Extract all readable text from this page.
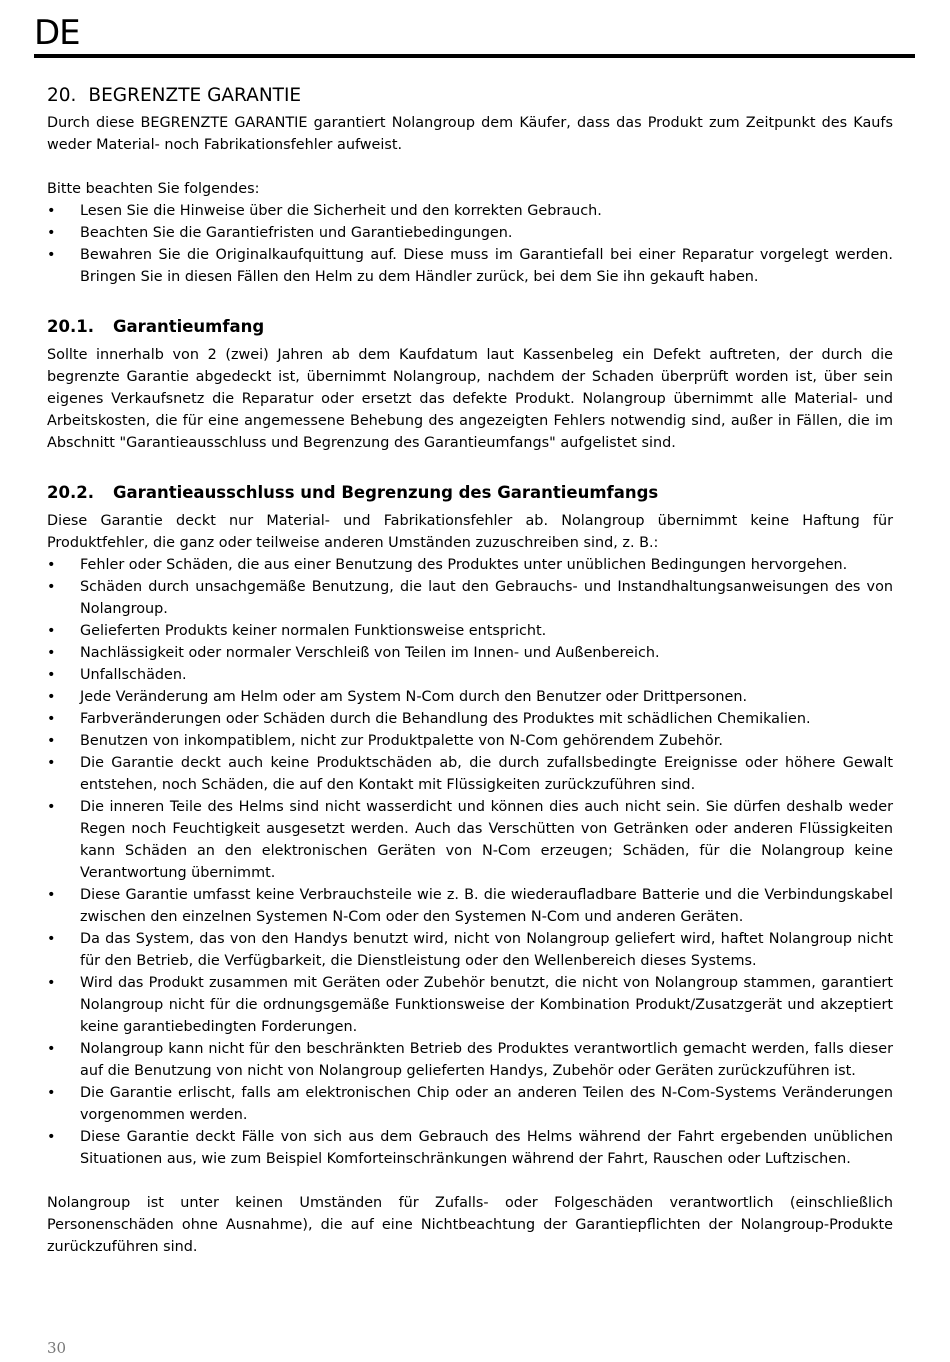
DE
20. BEGRENZTE GARANTIE

Durch diese BEGRENZTE GARANTIE garantiert Nolangroup dem Käufer, dass das Produkt zum Zeitpunkt des Kaufs weder Material- noch Fabrikationsfehler aufweist.

Bitte beachten Sie folgendes:

• Lesen Sie die Hinweise über die Sicherheit und den korrekten Gebrauch.
• Beachten Sie die Garantiefristen und Garantiebedingungen.
• Bewahren Sie die Originalkaufquittung auf. Diese muss im Garantiefall bei einer Reparatur vorgelegt werden. Bringen Sie in diesen Fällen den Helm zu dem Händler zurück, bei dem Sie ihn gekauft haben.
20.1. Garantieumfang

Sollte innerhalb von 2 (zwei) Jahren ab dem Kaufdatum laut Kassenbeleg ein Defekt auftreten, der durch die begrenzte Garantie abgedeckt ist, übernimmt Nolangroup, nachdem der Schaden überprüft worden ist, über sein eigenes Verkaufsnetz die Reparatur oder ersetzt das defekte Produkt. Nolangroup übernimmt alle Material- und Arbeitskosten, die für eine angemessene Behebung des angezeigten Fehlers notwendig sind, außer in Fällen, die im Abschnitt "Garantieausschluss und Begrenzung des Garantieumfangs" aufgelistet sind.

20.2. Garantieausschluss und Begrenzung des Garantieumfangs

Diese Garantie deckt nur Material- und Fabrikationsfehler ab. Nolangroup übernimmt keine Haftung für Produktfehler, die ganz oder teilweise anderen Umständen zuzuschreiben sind, z. B.:

• Fehler oder Schäden, die aus einer Benutzung des Produktes unter unüblichen Bedingungen hervorgehen.
• Schäden durch unsachgemäße Benutzung, die laut den Gebrauchs- und Instandhaltungsanweisungen des von Nolangroup.
• Gelieferten Produkts keiner normalen Funktionsweise entspricht.
• Nachlässigkeit oder normaler Verschleiß von Teilen im Innen- und Außenbereich.
• Unfallschäden.
• Jede Veränderung am Helm oder am System N-Com durch den Benutzer oder Drittpersonen.
• Farbveränderungen oder Schäden durch die Behandlung des Produktes mit schädlichen Chemikalien.
• Benutzen von inkompatiblem, nicht zur Produktpalette von N-Com gehörendem Zubehör.
• Die Garantie deckt auch keine Produktschäden ab, die durch zufallsbedingte Ereignisse oder höhere Gewalt entstehen, noch Schäden, die auf den Kontakt mit Flüssigkeiten zurückzuführen sind.
• Die inneren Teile des Helms sind nicht wasserdicht und können dies auch nicht sein. Sie dürfen deshalb weder Regen noch Feuchtigkeit ausgesetzt werden. Auch das Verschütten von Getränken oder anderen Flüssigkeiten kann Schäden an den elektronischen Geräten von N-Com erzeugen; Schäden, für die Nolangroup keine Verantwortung übernimmt.
• Diese Garantie umfasst keine Verbrauchsteile wie z. B. die wiederaufladbare Batterie und die Verbindungskabel zwischen den einzelnen Systemen N-Com oder den Systemen N-Com und anderen Geräten.
• Da das System, das von den Handys benutzt wird, nicht von Nolangroup geliefert wird, haftet Nolangroup nicht für den Betrieb, die Verfügbarkeit, die Dienstleistung oder den Wellenbereich dieses Systems.
• Wird das Produkt zusammen mit Geräten oder Zubehör benutzt, die nicht von Nolangroup stammen, garantiert Nolangroup nicht für die ordnungsgemäße Funktionsweise der Kombination Produkt/Zusatzgerät und akzeptiert keine garantiebedingten Forderungen.
• Nolangroup kann nicht für den beschränkten Betrieb des Produktes verantwortlich gemacht werden, falls dieser auf die Benutzung von nicht von Nolangroup gelieferten Handys, Zubehör oder Geräten zurückzuführen ist.
• Die Garantie erlischt, falls am elektronischen Chip oder an anderen Teilen des N-Com-Systems Veränderungen vorgenommen werden.
• Diese Garantie deckt Fälle von sich aus dem Gebrauch des Helms während der Fahrt ergebenden unüblichen Situationen aus, wie zum Beispiel Komforteinschränkungen während der Fahrt, Rauschen oder Luftzischen.

Nolangroup ist unter keinen Umständen für Zufalls- oder Folgeschäden verantwortlich (einschließlich Personenschäden ohne Ausnahme), die auf eine Nichtbeachtung der Garantiepflichten der Nolangroup-Produkte zurückzuführen sind.

30
